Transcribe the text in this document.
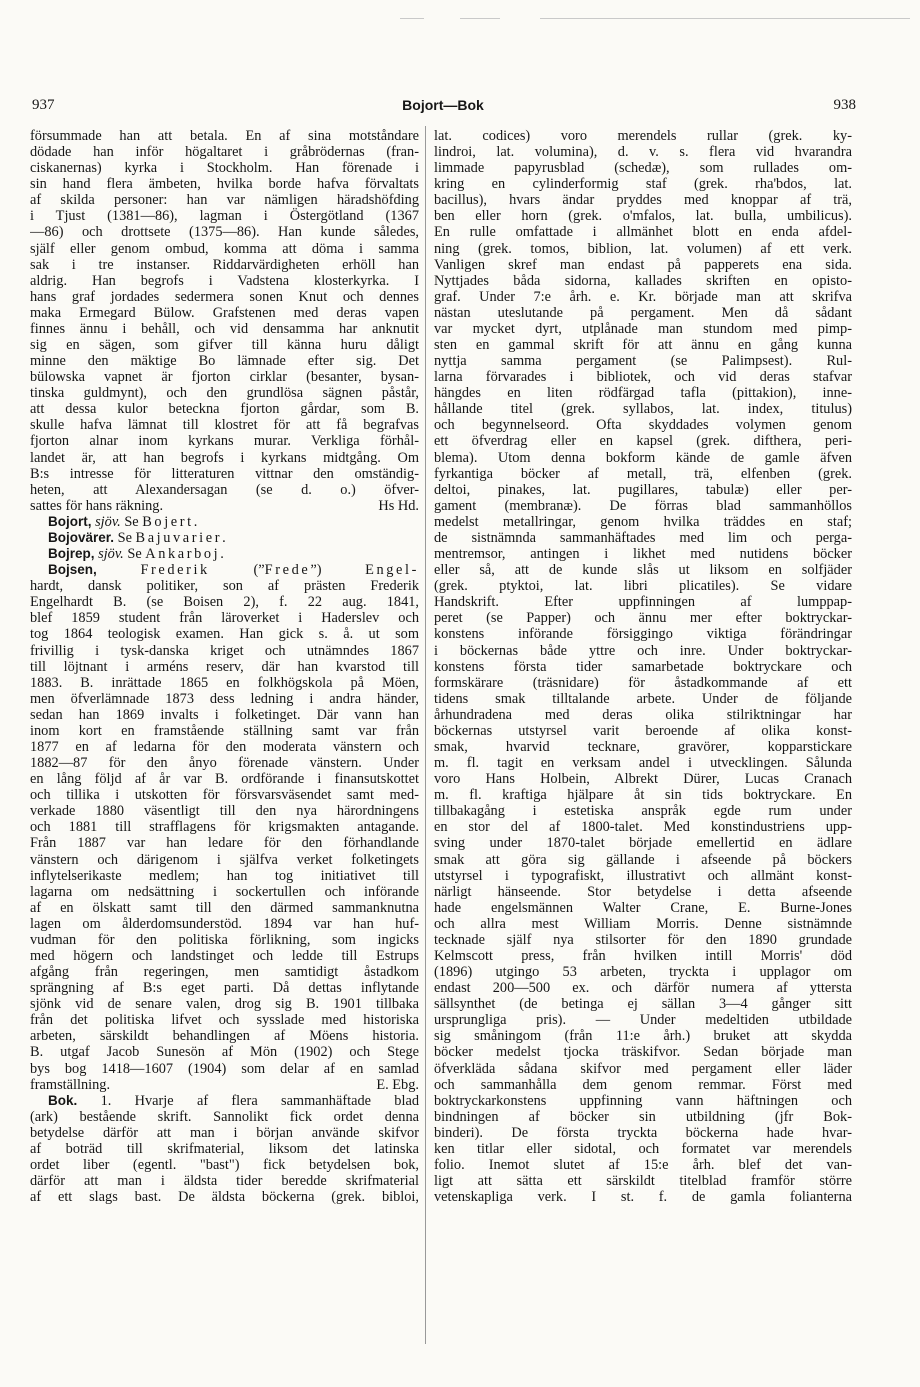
937	Bojort—Bok	938
försummade han att betala. En af sina motståndare
dödade han inför högaltaret i gråbrödernas (fran-
ciskanernas) kyrka i Stockholm. Han förenade i
sin hand flera ämbeten, hvilka borde hafva förvaltats
af skilda personer: han var nämligen häradshöfding
i Tjust (1381—86), lagman i Östergötland (1367
—86) och drottsete (1375—86). Han kunde således,
själf eller genom ombud, komma att döma i samma
sak i tre instanser. Riddarvärdigheten erhöll han
aldrig. Han begrofs i Vadstena klosterkyrka. I
hans graf jordades sedermera sonen Knut och dennes
maka Ermegard Bülow. Grafstenen med deras vapen
finnes ännu i behåll, och vid densamma har anknutit
sig en sägen, som gifver till känna huru dåligt
minne den mäktige Bo lämnade efter sig. Det
bülowska vapnet är fjorton cirklar (besanter, bysan-
tinska guldmynt), och den grundlösa sägnen påstår,
att dessa kulor beteckna fjorton gårdar, som B.
skulle hafva lämnat till klostret för att få begrafvas
fjorton alnar inom kyrkans murar. Verkliga förhål-
landet är, att han begrofs i kyrkans midtgång. Om
B:s intresse för litteraturen vittnar den omständig-
heten, att Alexandersagan (se d. o.) öfver-
sattes för hans räkning.	Hs Hd.
Bojort, sjöv. Se Bojert.
Bojovärer. Se Bajuvarier.
Bojrep, sjöv. Se Ankarboj.
Bojsen,	Frederik (”Frede”) Engel-
hardt, dansk politiker, son af prästen Frederik
Engelhardt B. (se Boisen 2), f. 22 aug. 1841,
blef 1859 student från läroverket i Haderslev och
tog 1864 teologisk examen. Han gick s. å. ut som
frivillig i tysk-danska kriget och utnämndes 1867
till löjtnant i arméns reserv, där han kvarstod till
1883. B. inrättade 1865 en folkhögskola på Möen,
men öfverlämnade 1873 dess ledning i andra händer,
sedan han 1869 invalts i folketinget. Där vann han
inom kort en framstående ställning samt var från
1877 en af ledarna för den moderata vänstern och
1882—87 för den ånyo förenade vänstern. Under
en lång följd af år var B. ordförande i finansutskottet
och tillika i utskotten för försvarsväsendet samt med-
verkade 1880 väsentligt till den nya härordningens
och 1881 till strafflagens för krigsmakten antagande.
Från 1887 var han ledare för den förhandlande
vänstern och därigenom i själfva verket folketingets
inflytelserikaste medlem; han tog initiativet till
lagarna om nedsättning i sockertullen och införande
af en ölskatt samt till den därmed sammanknutna
lagen om ålderdomsunderstöd. 1894 var han huf-
vudman för den politiska förlikning, som ingicks
med högern och landstinget och ledde till Estrups
afgång från regeringen, men samtidigt åstadkom
sprängning af B:s eget parti. Då dettas inflytande
sjönk vid de senare valen, drog sig B. 1901 tillbaka
från det politiska lifvet och sysslade med historiska
arbeten, särskildt behandlingen af Möens historia.
B. utgaf Jacob Sunesön af Mön (1902) och Stege
bys bog 1418—1607 (1904) som delar af en samlad
framställning.	E. Ebg.
Bok. 1. Hvarje af flera sammanhäftade blad
(ark) bestående skrift. Sannolikt fick ordet denna
betydelse därför att man i början använde skifvor
af boträd till skrifmaterial, liksom det latinska
ordet liber (egentl. "bast") fick betydelsen bok,
därför att man i äldsta tider beredde skrifmaterial
af ett slags bast. De äldsta böckerna (grek. bibloi,
lat. codices) voro merendels rullar (grek. ky-
lindroi, lat. volumina), d. v. s. flera vid hvarandra
limmade papyrusblad (schedæ), som rullades om-
kring en cylinderformig staf (grek. rha'bdos, lat.
bacillus), hvars ändar pryddes med knoppar af trä,
ben eller horn (grek. o'mfalos, lat. bulla, umbilicus).
En rulle omfattade i allmänhet blott en enda afdel-
ning (grek. tomos, biblion, lat. volumen) af ett verk.
Vanligen skref man endast på papperets ena sida.
Nyttjades båda sidorna, kallades skriften en opisto-
graf. Under 7:e årh. e. Kr. började man att skrifva
nästan uteslutande på pergament. Men då sådant
var mycket dyrt, utplånade man stundom med pimp-
sten en gammal skrift för att ännu en gång kunna
nyttja samma pergament (se Palimpsest). Rul-
larna förvarades i bibliotek, och vid deras stafvar
hängdes en liten rödfärgad tafla (pittakion), inne-
hållande titel (grek. syllabos, lat. index, titulus)
och begynnelseord. Ofta skyddades volymen genom
ett öfverdrag eller en kapsel (grek. difthera, peri-
blema). Utom denna bokform kände de gamle äfven
fyrkantiga böcker af metall, trä, elfenben (grek.
deltoi, pinakes, lat. pugillares, tabulæ) eller per-
gament (membranæ). De förras blad sammanhöllos
medelst metallringar, genom hvilka träddes en staf;
de sistnämnda sammanhäftades med lim och perga-
mentremsor, antingen i likhet med nutidens böcker
eller så, att de kunde slås ut liksom en solfjäder
(grek. ptyktoi, lat. libri plicatiles). Se vidare
Handskrift. Efter uppfinningen af lumppap-
peret (se Papper) och ännu mer efter boktryckar-
konstens införande försiggingo viktiga förändringar
i böckernas både yttre och inre. Under boktryckar-
konstens första tider samarbetade boktryckare och
formskärare (träsnidare) för åstadkommande af ett
tidens smak tilltalande arbete. Under de följande
århundradena med deras olika stilriktningar har
böckernas utstyrsel varit beroende af olika konst-
smak, hvarvid tecknare, gravörer, kopparstickare
m. fl. tagit en verksam andel i utvecklingen. Sålunda
voro Hans Holbein, Albrekt Dürer, Lucas Cranach
m. fl. kraftiga hjälpare åt sin tids boktryckare. En
tillbakagång i estetiska anspråk egde rum under
en stor del af 1800-talet. Med konstindustriens upp-
sving under 1870-talet började emellertid en ädlare
smak att göra sig gällande i afseende på böckers
utstyrsel i typografiskt, illustrativt och allmänt konst-
närligt hänseende. Stor betydelse i detta afseende
hade engelsmännen Walter Crane, E. Burne-Jones
och allra mest William Morris. Denne sistnämnde
tecknade själf nya stilsorter för den 1890 grundade
Kelmscott press, från hvilken intill Morris' död
(1896) utgingo 53 arbeten, tryckta i upplagor om
endast 200—500 ex. och därför numera af yttersta
sällsynthet (de betinga ej sällan 3—4 gånger sitt
ursprungliga pris). — Under medeltiden utbildade
sig småningom (från 11:e årh.) bruket att skydda
böcker medelst tjocka träskifvor. Sedan började man
öfverkläda sådana skifvor med pergament eller läder
och sammanhålla dem genom remmar. Först med
boktryckarkonstens uppfinning vann häftningen och
bindningen af böcker sin utbildning (jfr Bok-
binderi). De första tryckta böckerna hade hvar-
ken titlar eller sidotal, och formatet var merendels
folio. Inemot slutet af 15:e årh. blef det van-
ligt att sätta ett särskildt titelblad framför större
vetenskapliga verk. I st. f. de gamla folianterna
